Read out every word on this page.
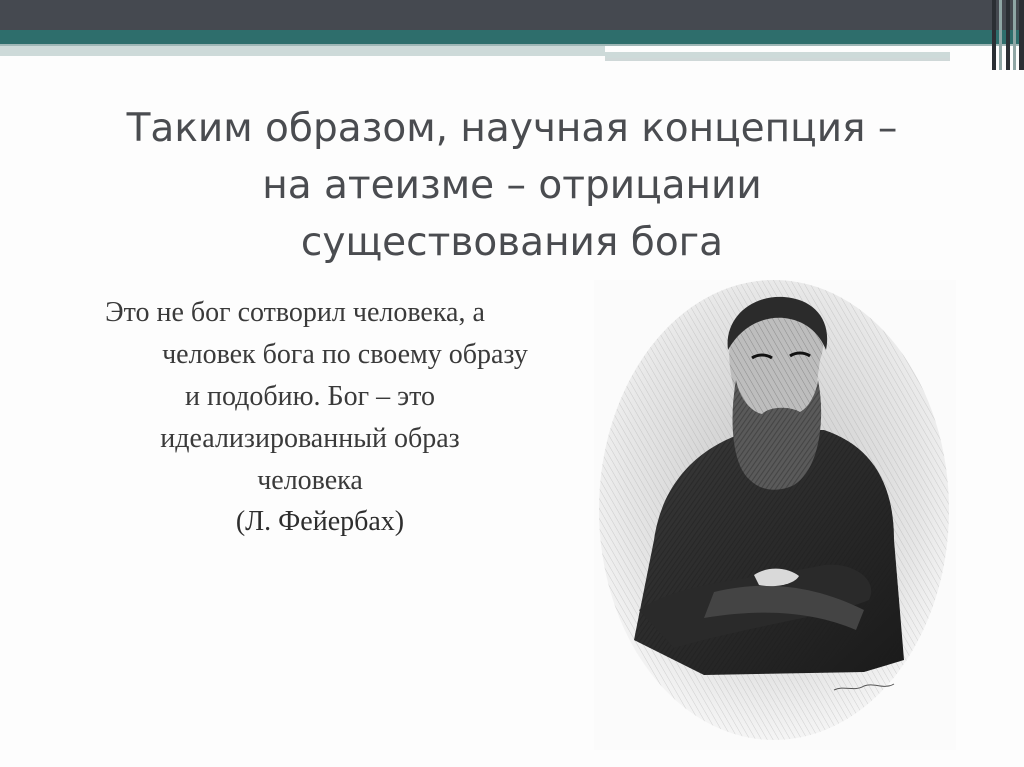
Таким образом, научная концепция –
на атеизме – отрицании
существования бога
Это не бог сотворил человека, а
человек бога по своему образу
и подобию. Бог – это
идеализированный образ
человека
(Л. Фейербах)
